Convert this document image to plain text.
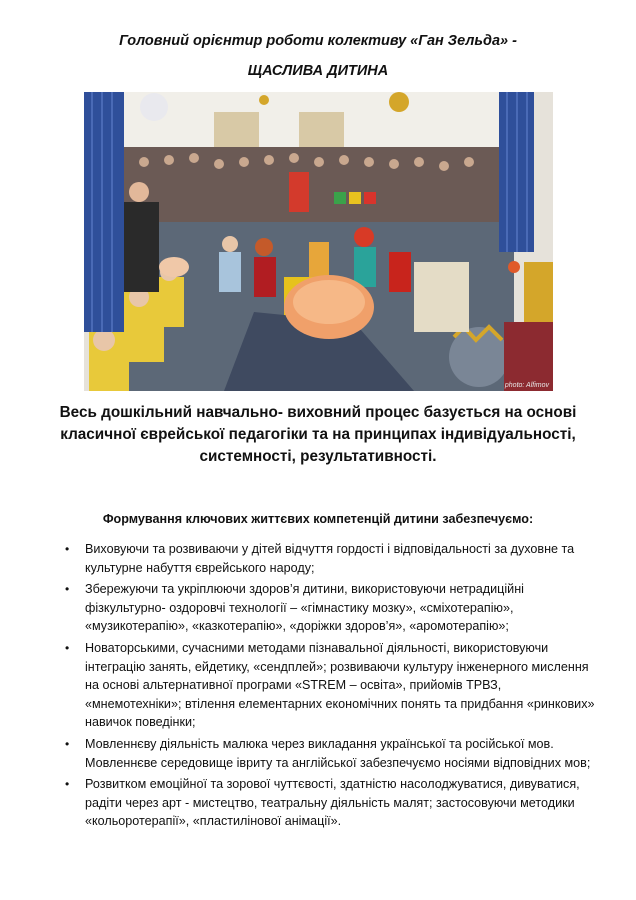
Головний орієнтир роботи колективу «Ган Зельда» -
ЩАСЛИВА ДИТИНА
photo: Alfimov
Весь дошкільний навчально- виховний процес базується на основі класичної єврейської педагогіки та на принципах індивідуальності, системності, результативності.
Формування ключових життєвих компетенцій дитини забезпечуємо:
• Виховуючи та розвиваючи у дітей відчуття гордості і відповідальності за духовне та культурне набуття єврейського народу;
• Збережуючи та укріплюючи здоров’я дитини, використовуючи нетрадиційні фізкультурно- оздоровчі технології – «гімнастику мозку», «сміхотерапію», «музикотерапію», «казкотерапію», «доріжки здоров’я», «аромотерапію»;
• Новаторськими, сучасними методами пізнавальної діяльності, використовуючи інтеграцію занять, ейдетику, «сендплей»; розвиваючи культуру інженерного мислення на основі альтернативної програми «STREM – освіта», прийомів ТРВЗ, «мнемотехніки»; втілення елементарних економічних понять та придбання «ринкових» навичок поведінки;
• Мовленнєву діяльність малюка через викладання української та російської мов. Мовленнєве середовище івриту та англійської забезпечуємо носіями відповідних мов;
• Розвитком емоційної та зорової чуттєвості, здатністю насолоджуватися, дивуватися, радіти через арт - мистецтво, театральну діяльність малят; застосовуючи методики «кольоротерапії», «пластилінової анімації».
